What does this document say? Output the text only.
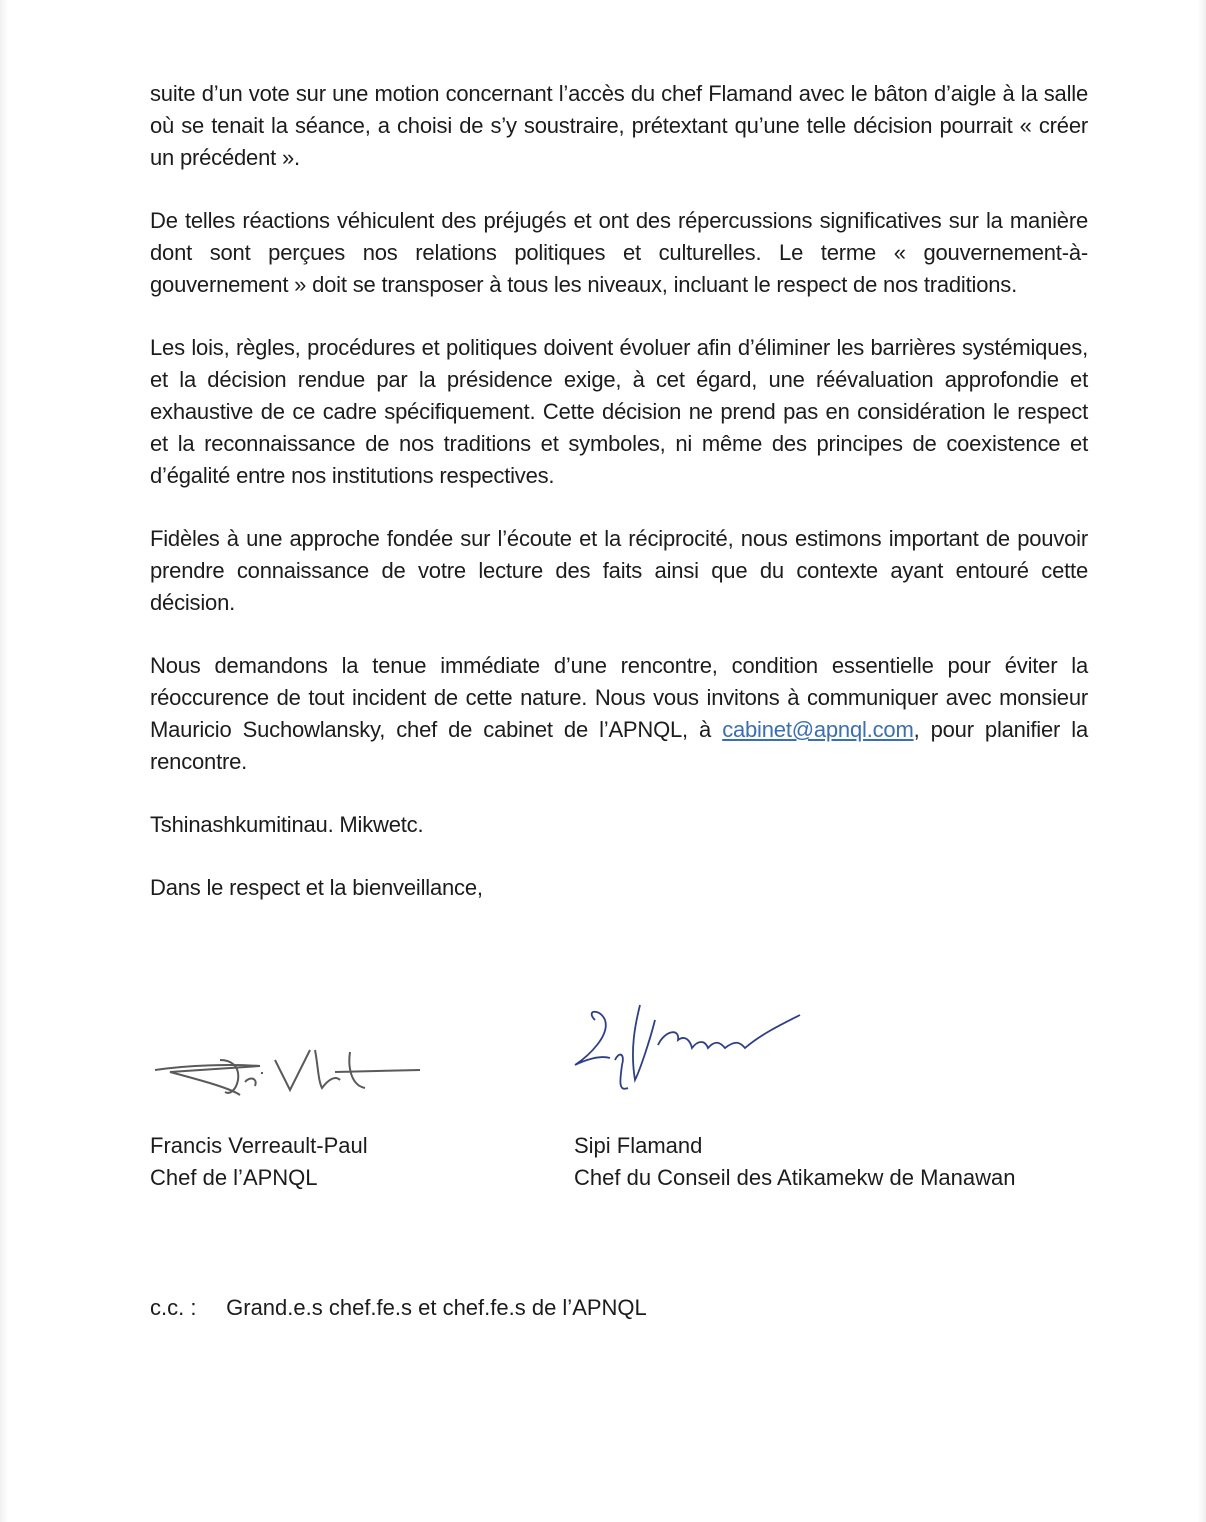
suite d’un vote sur une motion concernant l’accès du chef Flamand avec le bâton d’aigle à la salle où se tenait la séance, a choisi de s’y soustraire, prétextant qu’une telle décision pourrait « créer un précédent ».

De telles réactions véhiculent des préjugés et ont des répercussions significatives sur la manière dont sont perçues nos relations politiques et culturelles. Le terme « gouvernement-à-gouvernement » doit se transposer à tous les niveaux, incluant le respect de nos traditions.

Les lois, règles, procédures et politiques doivent évoluer afin d’éliminer les barrières systémiques, et la décision rendue par la présidence exige, à cet égard, une réévaluation approfondie et exhaustive de ce cadre spécifiquement. Cette décision ne prend pas en considération le respect et la reconnaissance de nos traditions et symboles, ni même des principes de coexistence et d’égalité entre nos institutions respectives.

Fidèles à une approche fondée sur l’écoute et la réciprocité, nous estimons important de pouvoir prendre connaissance de votre lecture des faits ainsi que du contexte ayant entouré cette décision.

Nous demandons la tenue immédiate d’une rencontre, condition essentielle pour éviter la réoccurence de tout incident de cette nature. Nous vous invitons à communiquer avec monsieur Mauricio Suchowlansky, chef de cabinet de l’APNQL, à cabinet@apnql.com, pour planifier la rencontre.

Tshinashkumitinau. Mikwetc.

Dans le respect et la bienveillance,

Francis Verreault-Paul
Chef de l’APNQL
Sipi Flamand
Chef du Conseil des Atikamekw de Manawan
c.c. : Grand.e.s chef.fe.s et chef.fe.s de l’APNQL
